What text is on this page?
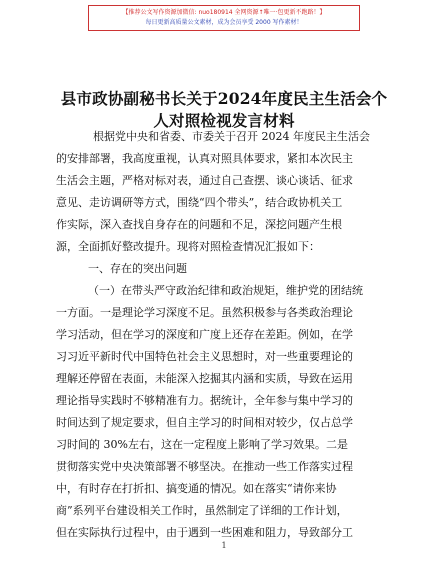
【推荐公文写作资源加微信: nuo180914 全网资源↑唯一·包更新不跑路！】
每日更新高质量公文素材，成为会员享受 2000 写作素材！
县市政协副秘书长关于2024年度民主生活会个
人对照检视发言材料
根据党中央和省委、市委关于召开 2024 年度民主生活会
的安排部署，我高度重视，认真对照具体要求，紧扣本次民主
生活会主题，严格对标对表，通过自己查摆、谈心谈话、征求
意见、走访调研等方式，围绕“四个带头”，结合政协机关工
作实际，深入查找自身存在的问题和不足，深挖问题产生根
源，全面抓好整改提升。现将对照检查情况汇报如下：
一、存在的突出问题
（一）在带头严守政治纪律和政治规矩，维护党的团结统
一方面。一是理论学习深度不足。虽然积极参与各类政治理论
学习活动，但在学习的深度和广度上还存在差距。例如，在学
习习近平新时代中国特色社会主义思想时，对一些重要理论的
理解还停留在表面，未能深入挖掘其内涵和实质，导致在运用
理论指导实践时不够精准有力。据统计，全年参与集中学习的
时间达到了规定要求，但自主学习的时间相对较少，仅占总学
习时间的 30%左右，这在一定程度上影响了学习效果。二是
贯彻落实党中央决策部署不够坚决。在推动一些工作落实过程
中，有时存在打折扣、搞变通的情况。如在落实“请你来协
商”系列平台建设相关工作时，虽然制定了详细的工作计划，
但在实际执行过程中，由于遇到一些困难和阻力，导致部分工
1
